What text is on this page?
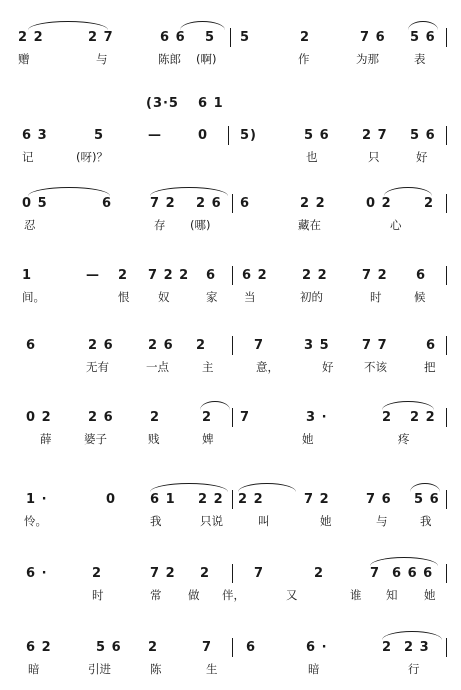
2 2	2 7	6 6 5 5	2	7 6 5 6
赠	与	陈郎 (啊)	作	为那	表
(3·5 6 1
6 3	5	—	0 5)	5 6 2 7 5 6
记	(呀)？	也	只	好
0 5	6	7 2 2 6 6	2 2	0 2 2
忍	存 (哪)	藏在	心
1	— 2 7 2 2 6 6 2	2 2	7 2 6
间。	恨 奴	家 当	初的	时	候
6	2 6	2 6 2	7	3 5 7 7	6
无有	一点	主	意，	好	不该	把
0 2	2 6	2	2 7	3 ·	2 2 2
薛	婆子	贱	婢	她	疼
1 ·	0	6 1 2 2 2 2	7 2	7 6 5 6
怜。	我	只说	叫	她	与	我
6 ·	2	7 2 2	7	2	7 6 6 6
时	常 做 伴，	又	谁 知 她
6 2	5 6 2	7	6	6 ·	2 2 3
暗	引进	陈	生	暗	行
